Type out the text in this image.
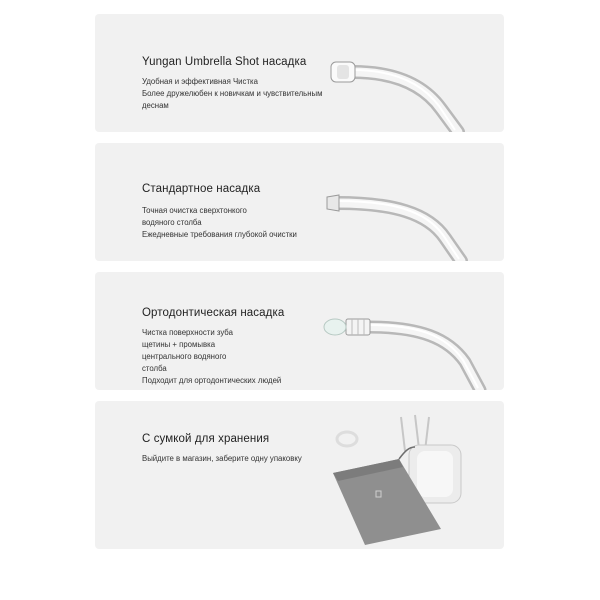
Yungan Umbrella Shot насадка
Удобная и эффективная Чистка
Более дружелюбен к новичкам и чувствительным
деснам
Стандартное насадка
Точная очистка сверхтонкого
водяного столба
Ежедневные требования глубокой очистки
Ортодонтическая насадка
Чистка поверхности зуба
щетины + промывка
центрального водяного
столба
Подходит для ортодонтических людей
С сумкой для хранения
Выйдите в магазин, заберите одну упаковку
